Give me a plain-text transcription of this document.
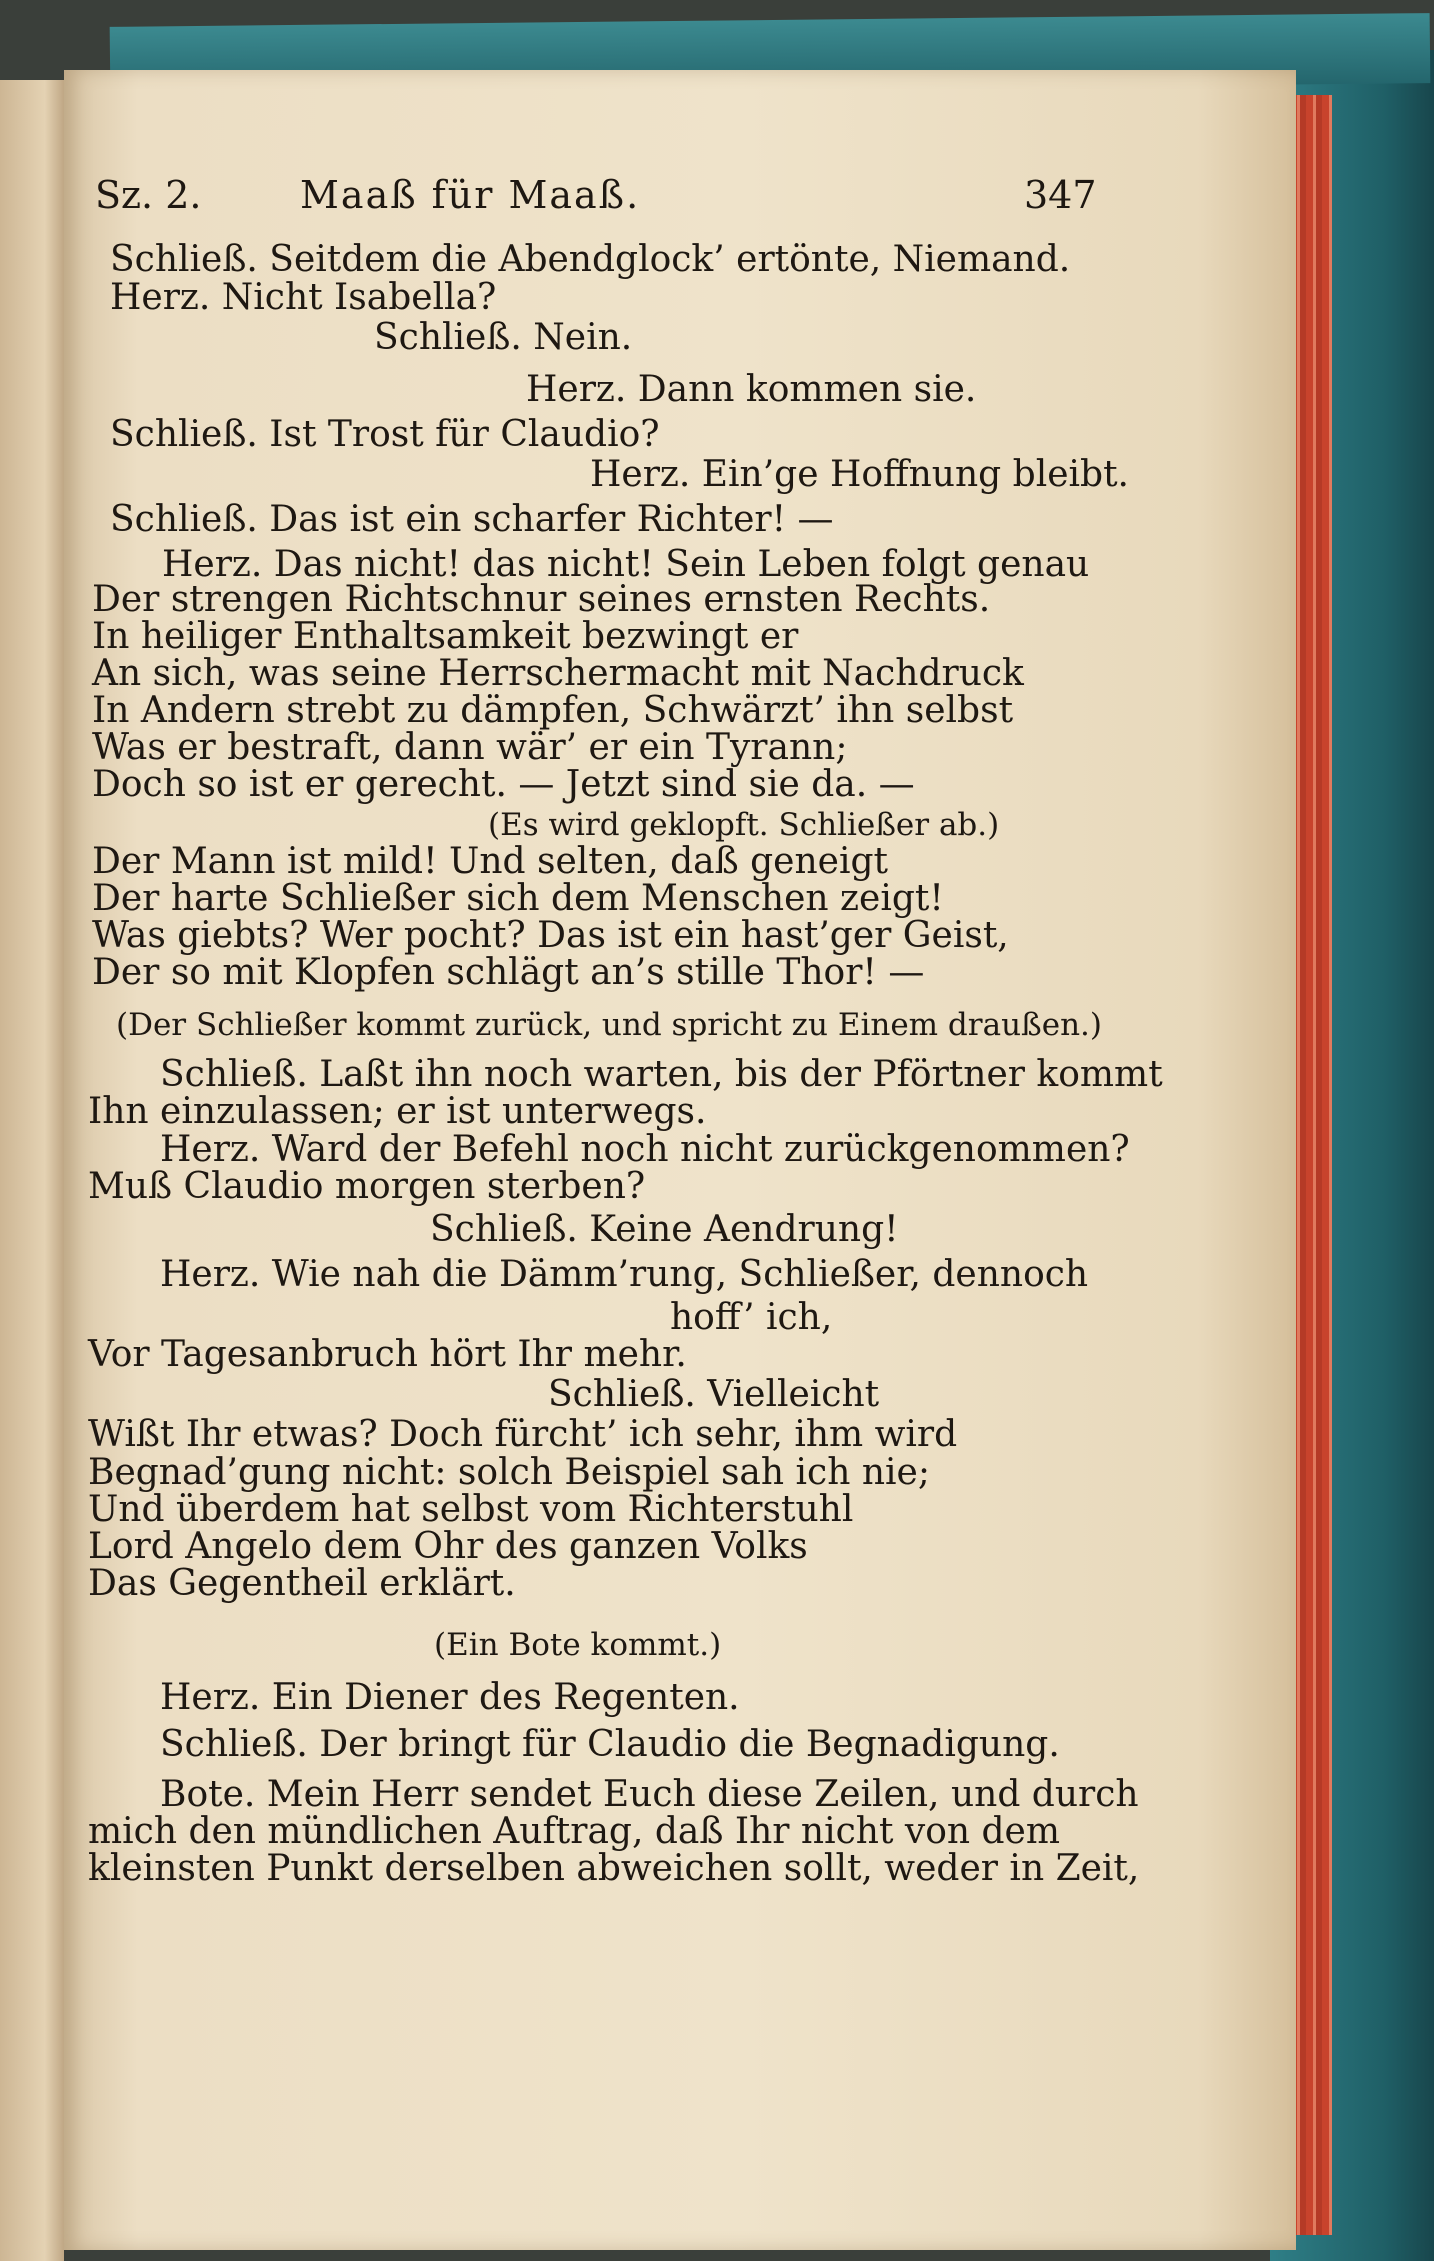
Sz. 2.	Maaß für Maaß.	347
Schließ. Seitdem die Abendglock’ ertönte, Niemand.
Herz. Nicht Isabella?
Schließ. Nein.
Herz. Dann kommen sie.
Schließ. Ist Trost für Claudio?
Herz. Ein’ge Hoffnung bleibt.
Schließ. Das ist ein scharfer Richter! —
Herz. Das nicht! das nicht! Sein Leben folgt genau
Der strengen Richtschnur seines ernsten Rechts.
In heiliger Enthaltsamkeit bezwingt er
An sich, was seine Herrschermacht mit Nachdruck
In Andern strebt zu dämpfen, Schwärzt’ ihn selbst
Was er bestraft, dann wär’ er ein Tyrann;
Doch so ist er gerecht. — Jetzt sind sie da. —
(Es wird geklopft. Schließer ab.)
Der Mann ist mild! Und selten, daß geneigt
Der harte Schließer sich dem Menschen zeigt!
Was giebts? Wer pocht? Das ist ein hast’ger Geist,
Der so mit Klopfen schlägt an’s stille Thor! —
(Der Schließer kommt zurück, und spricht zu Einem draußen.)
Schließ. Laßt ihn noch warten, bis der Pförtner kommt
Ihn einzulassen; er ist unterwegs.
Herz. Ward der Befehl noch nicht zurückgenommen?
Muß Claudio morgen sterben?
Schließ. Keine Aendrung!
Herz. Wie nah die Dämm’rung, Schließer, dennoch
hoff’ ich,
Vor Tagesanbruch hört Ihr mehr.
Schließ. Vielleicht
Wißt Ihr etwas? Doch fürcht’ ich sehr, ihm wird
Begnad’gung nicht: solch Beispiel sah ich nie;
Und überdem hat selbst vom Richterstuhl
Lord Angelo dem Ohr des ganzen Volks
Das Gegentheil erklärt.
(Ein Bote kommt.)
Herz. Ein Diener des Regenten.
Schließ. Der bringt für Claudio die Begnadigung.
Bote. Mein Herr sendet Euch diese Zeilen, und durch
mich den mündlichen Auftrag, daß Ihr nicht von dem
kleinsten Punkt derselben abweichen sollt, weder in Zeit,
